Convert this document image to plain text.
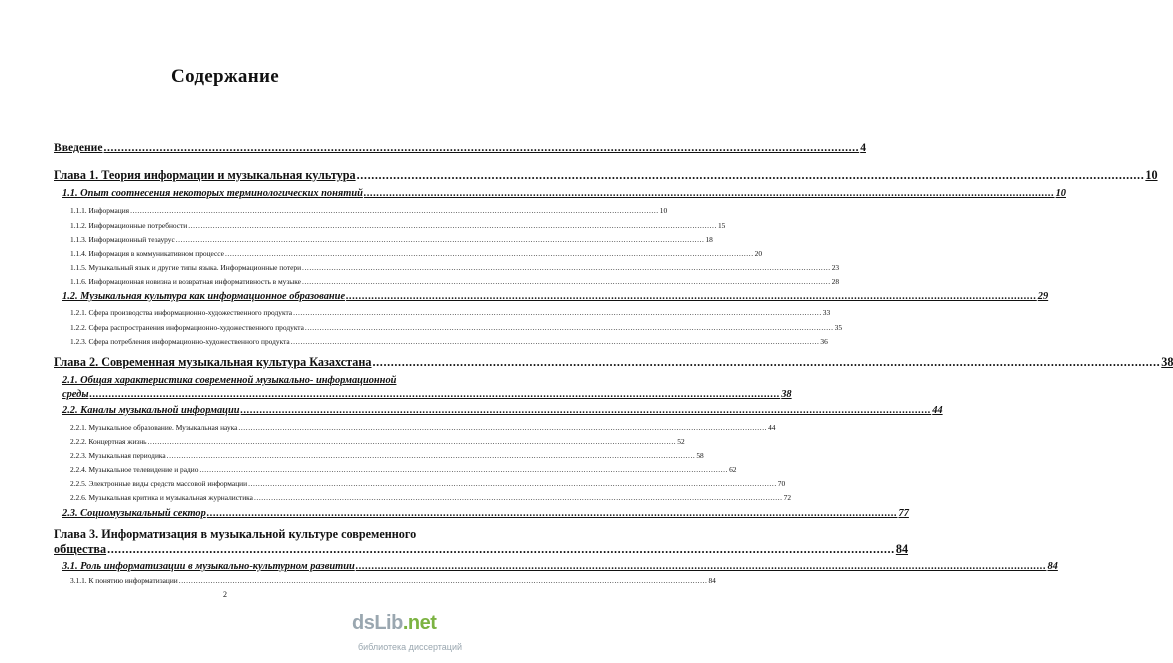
Содержание
Введение .....	4
Глава 1. Теория информации и музыкальная культура .....	10
1.1. Опыт соотнесения некоторых терминологических понятий .....	10
1.1.1. Информация .....	10
1.1.2. Информационные потребности .....	15
1.1.3. Информационный тезаурус .....	18
1.1.4. Информация в коммуникативном процессе .....	20
1.1.5. Музыкальный язык и другие типы языка. Информационные потери .....	23
1.1.6. Информационная новизна и возвратная информативность в музыке .....	28
1.2. Музыкальная культура как информационное образование .....	29
1.2.1. Сфера производства информационно-художественного продукта .....	33
1.2.2. Сфера распространения информационно-художественного продукта .....	35
1.2.3. Сфера потребления информационно-художественного продукта .....	36
Глава 2. Современная музыкальная культура Казахстана .....	38
2.1. Общая характеристика современной музыкально- информационной
среды .....	38
2.2. Каналы музыкальной информации .....	44
2.2.1. Музыкальное образование. Музыкальная наука .....	44
2.2.2. Концертная жизнь .....	52
2.2.3. Музыкальная периодика .....	58
2.2.4. Музыкальное телевидение и радио .....	62
2.2.5. Электронные виды средств массовой информации .....	70
2.2.6. Музыкальная критика и музыкальная журналистика .....	72
2.3. Социомузыкальный сектор .....	77
Глава 3. Информатизация в музыкальной культуре современного
общества .....	84
3.1. Роль информатизации в музыкально-культурном развитии .....	84
3.1.1. К понятию информатизации .....	84
2
dsLib.net
библиотека диссертаций
